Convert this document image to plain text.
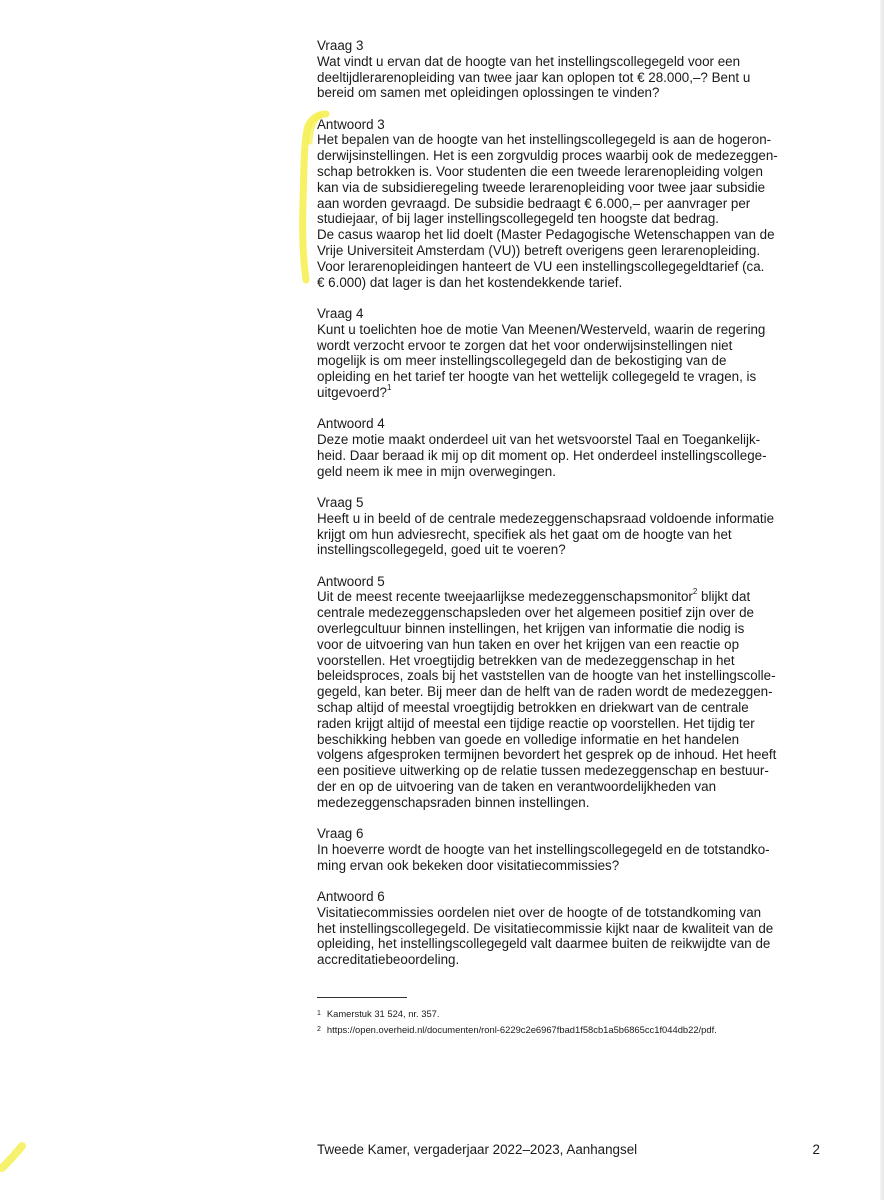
Vraag 3
Wat vindt u ervan dat de hoogte van het instellingscollegegeld voor een
deeltijdlerarenopleiding van twee jaar kan oplopen tot € 28.000,–? Bent u
bereid om samen met opleidingen oplossingen te vinden?
Antwoord 3
Het bepalen van de hoogte van het instellingscollegegeld is aan de hogeron-
derwijsinstellingen. Het is een zorgvuldig proces waarbij ook de medezeggen-
schap betrokken is. Voor studenten die een tweede lerarenopleiding volgen
kan via de subsidieregeling tweede lerarenopleiding voor twee jaar subsidie
aan worden gevraagd. De subsidie bedraagt € 6.000,– per aanvrager per
studiejaar, of bij lager instellingscollegegeld ten hoogste dat bedrag.
De casus waarop het lid doelt (Master Pedagogische Wetenschappen van de
Vrije Universiteit Amsterdam (VU)) betreft overigens geen lerarenopleiding.
Voor lerarenopleidingen hanteert de VU een instellingscollegegeldtarief (ca.
€ 6.000) dat lager is dan het kostendekkende tarief.
Vraag 4
Kunt u toelichten hoe de motie Van Meenen/Westerveld, waarin de regering
wordt verzocht ervoor te zorgen dat het voor onderwijsinstellingen niet
mogelijk is om meer instellingscollegegeld dan de bekostiging van de
opleiding en het tarief ter hoogte van het wettelijk collegegeld te vragen, is
uitgevoerd?$^1$
Antwoord 4
Deze motie maakt onderdeel uit van het wetsvoorstel Taal en Toegankelijk-
heid. Daar beraad ik mij op dit moment op. Het onderdeel instellingscollege-
geld neem ik mee in mijn overwegingen.
Vraag 5
Heeft u in beeld of de centrale medezeggenschapsraad voldoende informatie
krijgt om hun adviesrecht, specifiek als het gaat om de hoogte van het
instellingscollegegeld, goed uit te voeren?
Antwoord 5
Uit de meest recente tweejaarlijkse medezeggenschapsmonitor$^2$ blijkt dat
centrale medezeggenschapsleden over het algemeen positief zijn over de
overlegcultuur binnen instellingen, het krijgen van informatie die nodig is
voor de uitvoering van hun taken en over het krijgen van een reactie op
voorstellen. Het vroegtijdig betrekken van de medezeggenschap in het
beleidsproces, zoals bij het vaststellen van de hoogte van het instellingscolle-
gegeld, kan beter. Bij meer dan de helft van de raden wordt de medezeggen-
schap altijd of meestal vroegtijdig betrokken en driekwart van de centrale
raden krijgt altijd of meestal een tijdige reactie op voorstellen. Het tijdig ter
beschikking hebben van goede en volledige informatie en het handelen
volgens afgesproken termijnen bevordert het gesprek op de inhoud. Het heeft
een positieve uitwerking op de relatie tussen medezeggenschap en bestuur-
der en op de uitvoering van de taken en verantwoordelijkheden van
medezeggenschapsraden binnen instellingen.
Vraag 6
In hoeverre wordt de hoogte van het instellingscollegegeld en de totstandko-
ming ervan ook bekeken door visitatiecommissies?
Antwoord 6
Visitatiecommissies oordelen niet over de hoogte of de totstandkoming van
het instellingscollegegeld. De visitatiecommissie kijkt naar de kwaliteit van de
opleiding, het instellingscollegegeld valt daarmee buiten de reikwijdte van de
accreditatiebeoordeling.
$^1$ Kamerstuk 31 524, nr. 357.
$^2$ https://open.overheid.nl/documenten/ronl-6229c2e6967fbad1f58cb1a5b6865cc1f044db22/pdf.
Tweede Kamer, vergaderjaar 2022–2023, Aanhangsel	2
